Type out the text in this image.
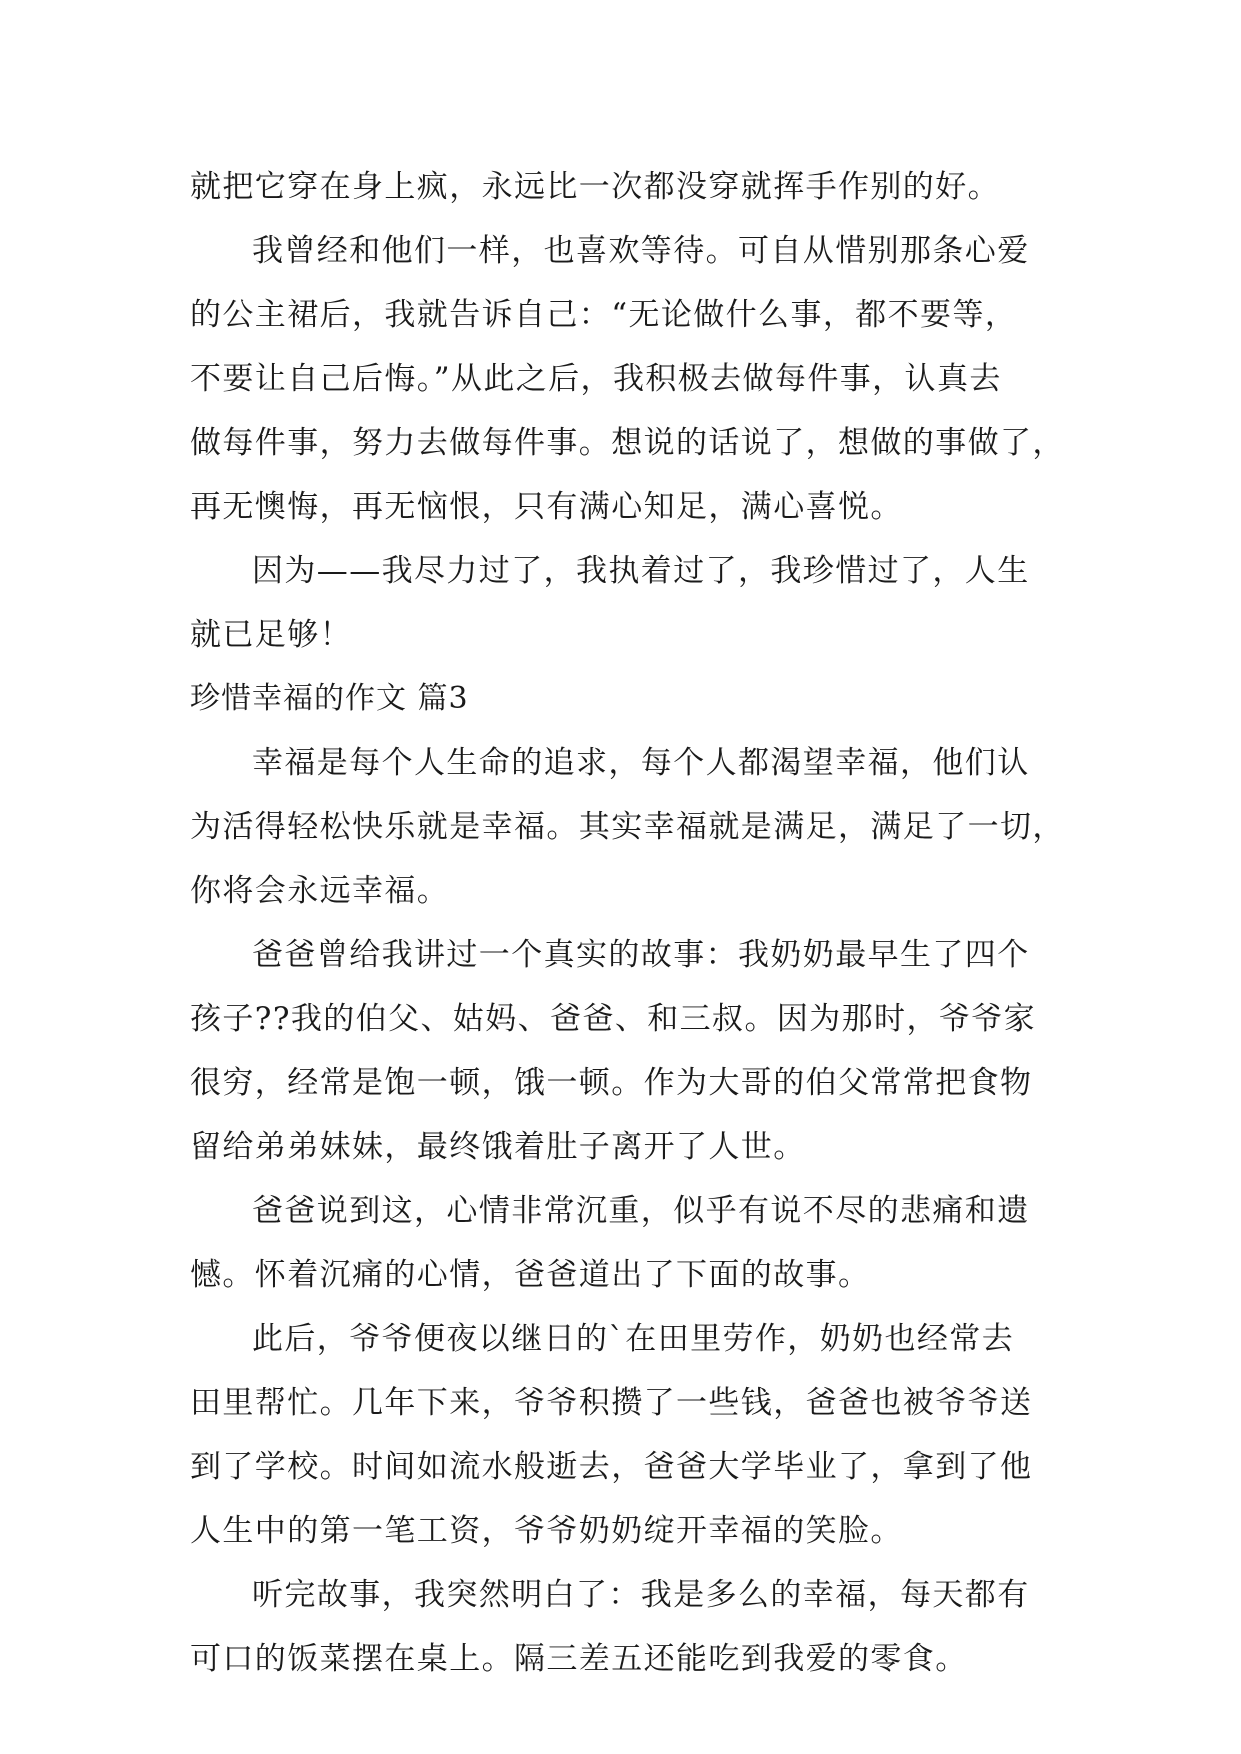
就把它穿在身上疯，永远比一次都没穿就挥手作别的好。
我曾经和他们一样，也喜欢等待。可自从惜别那条心爱
的公主裙后，我就告诉自己：“无论做什么事，都不要等，
不要让自己后悔。”从此之后，我积极去做每件事，认真去
做每件事，努力去做每件事。想说的话说了，想做的事做了，
再无懊悔，再无恼恨，只有满心知足，满心喜悦。
因为——我尽力过了，我执着过了，我珍惜过了，人生
就已足够！
珍惜幸福的作文 篇3
幸福是每个人生命的追求，每个人都渴望幸福，他们认
为活得轻松快乐就是幸福。其实幸福就是满足，满足了一切，
你将会永远幸福。
爸爸曾给我讲过一个真实的故事：我奶奶最早生了四个
孩子??我的伯父、姑妈、爸爸、和三叔。因为那时，爷爷家
很穷，经常是饱一顿，饿一顿。作为大哥的伯父常常把食物
留给弟弟妹妹，最终饿着肚子离开了人世。
爸爸说到这，心情非常沉重，似乎有说不尽的悲痛和遗
憾。怀着沉痛的心情，爸爸道出了下面的故事。
此后，爷爷便夜以继日的`在田里劳作，奶奶也经常去
田里帮忙。几年下来，爷爷积攒了一些钱，爸爸也被爷爷送
到了学校。时间如流水般逝去，爸爸大学毕业了，拿到了他
人生中的第一笔工资，爷爷奶奶绽开幸福的笑脸。
听完故事，我突然明白了：我是多么的幸福，每天都有
可口的饭菜摆在桌上。隔三差五还能吃到我爱的零食。
